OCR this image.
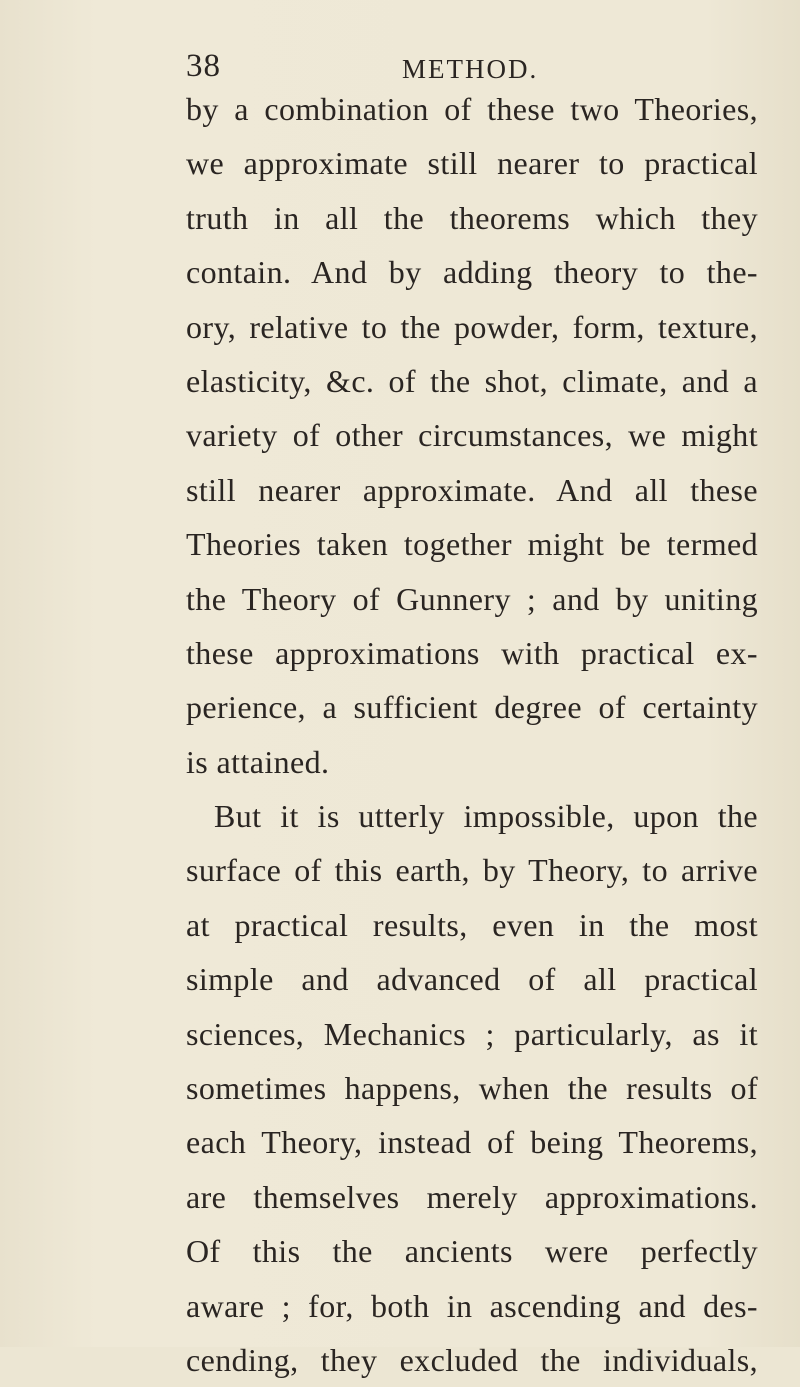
38	METHOD.
by a combination of these two Theories,
we approximate still nearer to practical
truth in all the theorems which they
contain. And by adding theory to the-
ory, relative to the powder, form, texture,
elasticity, &c. of the shot, climate, and a
variety of other circumstances, we might
still nearer approximate. And all these
Theories taken together might be termed
the Theory of Gunnery ; and by uniting
these approximations with practical ex-
perience, a sufficient degree of certainty
is attained.
But it is utterly impossible, upon the
surface of this earth, by Theory, to arrive
at practical results, even in the most
simple and advanced of all practical
sciences, Mechanics ; particularly, as it
sometimes happens, when the results of
each Theory, instead of being Theorems,
are themselves merely approximations.
Of this the ancients were perfectly
aware ; for, both in ascending and des-
cending, they excluded the individuals,
